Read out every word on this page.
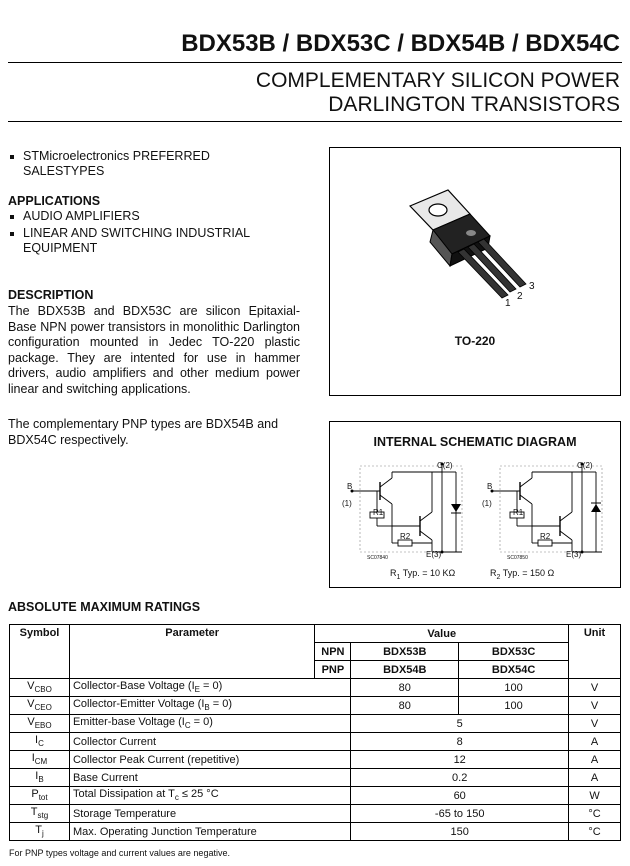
BDX53B / BDX53C / BDX54B / BDX54C
COMPLEMENTARY SILICON POWER
DARLINGTON TRANSISTORS
STMicroelectronics PREFERRED
SALESTYPES
APPLICATIONS
AUDIO AMPLIFIERS
LINEAR AND SWITCHING INDUSTRIAL
EQUIPMENT
DESCRIPTION
The BDX53B and BDX53C are silicon Epitaxial-Base NPN power transistors in monolithic Darlington configuration mounted in Jedec TO-220 plastic package. They are intented for use in hammer drivers, audio amplifiers and other medium power linear and switching applications.
The complementary PNP types are BDX54B and BDX54C respectively.
1
2
3
TO-220
INTERNAL SCHEMATIC DIAGRAM
C(2)
B
(1)
R1
R2
E(3)
SC07840
C(2)
B
(1)
R1
R2
E(3)
SC07850
$R_1$ Typ. = 10 KΩ	$R_2$ Typ. = 150 Ω
ABSOLUTE MAXIMUM RATINGS
Symbol	Parameter	Value			Unit
		NPN	BDX53B	BDX53C	
		PNP	BDX54B	BDX54C	
$V_{CBO}$	Collector-Base Voltage $(I_E = 0)$		80	100	V
$V_{CEO}$	Collector-Emitter Voltage $(I_B = 0)$		80	100	V
$V_{EBO}$	Emitter-base Voltage $(I_C = 0)$		5		V
$I_C$	Collector Current		8		A
$I_{CM}$	Collector Peak Current (repetitive)		12		A
$I_B$	Base Current		0.2		A
$P_{tot}$	Total Dissipation at $T_c \le 25$ °C		60		W
$T_{stg}$	Storage Temperature		-65 to 150		°C
$T_j$	Max. Operating Junction Temperature		150		°C
For PNP types voltage and current values are negative.
